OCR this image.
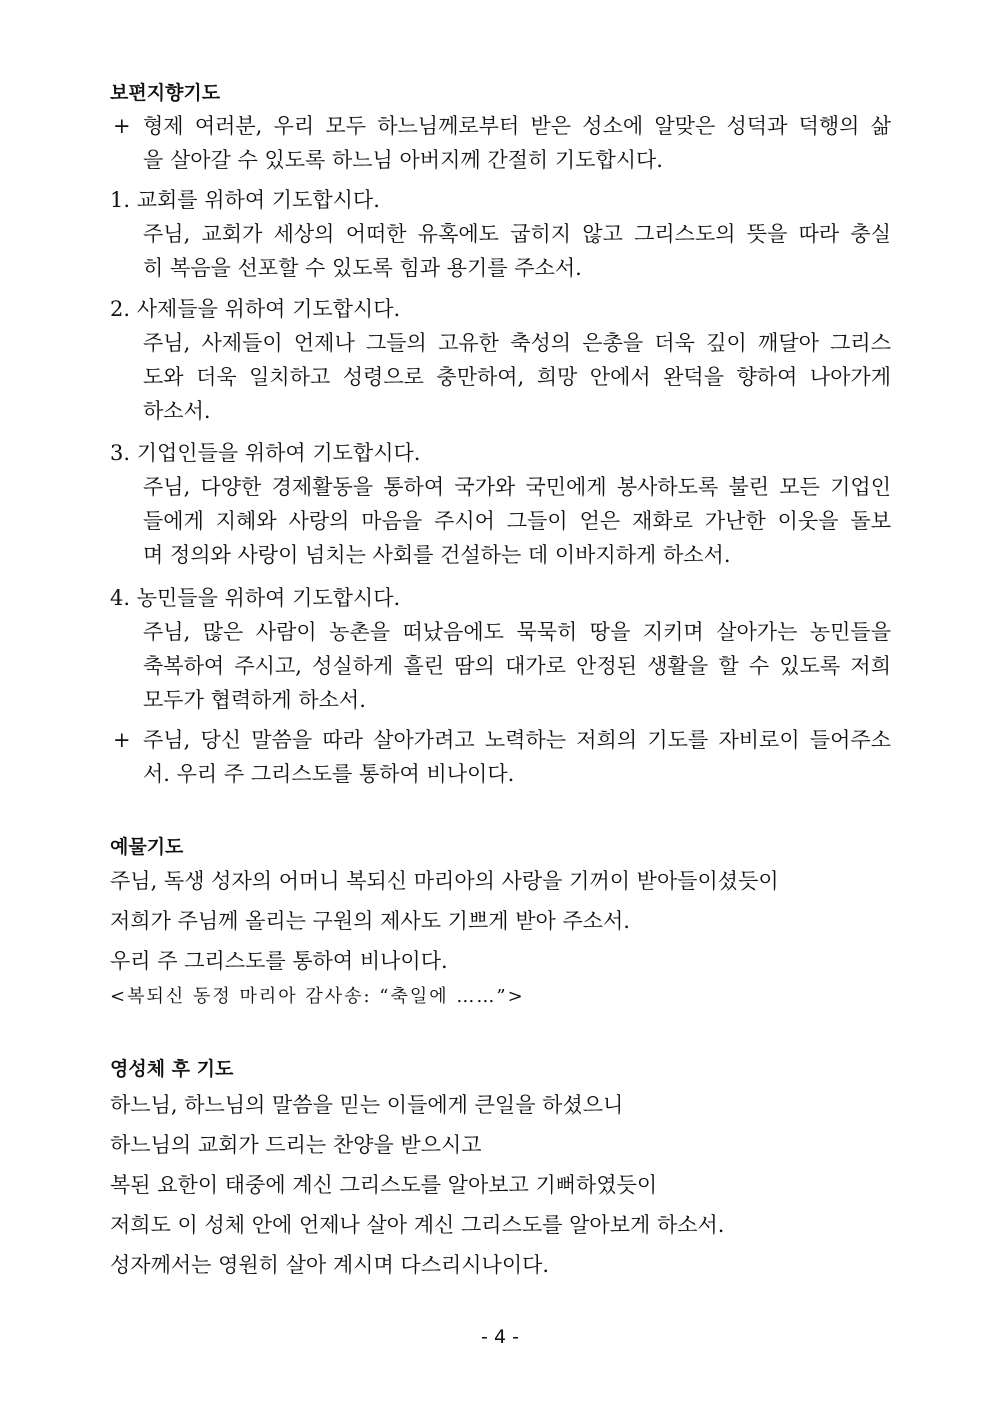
보편지향기도
+ 형제 여러분, 우리 모두 하느님께로부터 받은 성소에 알맞은 성덕과 덕행의 삶
을 살아갈 수 있도록 하느님 아버지께 간절히 기도합시다.
1. 교회를 위하여 기도합시다.
주님, 교회가 세상의 어떠한 유혹에도 굽히지 않고 그리스도의 뜻을 따라 충실
히 복음을 선포할 수 있도록 힘과 용기를 주소서.
2. 사제들을 위하여 기도합시다.
주님, 사제들이 언제나 그들의 고유한 축성의 은총을 더욱 깊이 깨달아 그리스
도와 더욱 일치하고 성령으로 충만하여, 희망 안에서 완덕을 향하여 나아가게
하소서.
3. 기업인들을 위하여 기도합시다.
주님, 다양한 경제활동을 통하여 국가와 국민에게 봉사하도록 불린 모든 기업인
들에게 지혜와 사랑의 마음을 주시어 그들이 얻은 재화로 가난한 이웃을 돌보
며 정의와 사랑이 넘치는 사회를 건설하는 데 이바지하게 하소서.
4. 농민들을 위하여 기도합시다.
주님, 많은 사람이 농촌을 떠났음에도 묵묵히 땅을 지키며 살아가는 농민들을
축복하여 주시고, 성실하게 흘린 땀의 대가로 안정된 생활을 할 수 있도록 저희
모두가 협력하게 하소서.
+ 주님, 당신 말씀을 따라 살아가려고 노력하는 저희의 기도를 자비로이 들어주소
서. 우리 주 그리스도를 통하여 비나이다.
예물기도
주님, 독생 성자의 어머니 복되신 마리아의 사랑을 기꺼이 받아들이셨듯이
저희가 주님께 올리는 구원의 제사도 기쁘게 받아 주소서.
우리 주 그리스도를 통하여 비나이다.
<복되신 동정 마리아 감사송: “축일에 ……”>
영성체 후 기도
하느님, 하느님의 말씀을 믿는 이들에게 큰일을 하셨으니
하느님의 교회가 드리는 찬양을 받으시고
복된 요한이 태중에 계신 그리스도를 알아보고 기뻐하였듯이
저희도 이 성체 안에 언제나 살아 계신 그리스도를 알아보게 하소서.
성자께서는 영원히 살아 계시며 다스리시나이다.
- 4 -
